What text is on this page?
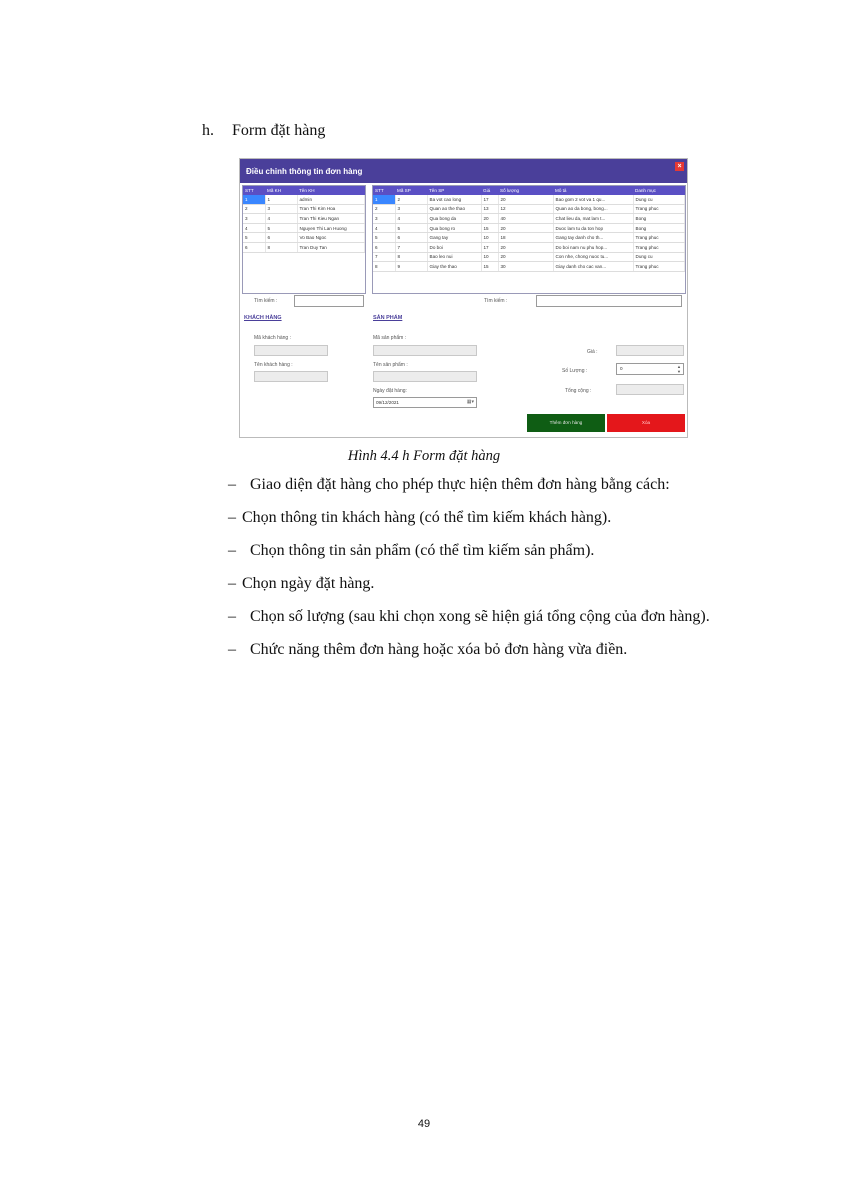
h. Form đặt hàng
Điều chỉnh thông tin đơn hàng	×
STT	Mã KH	Tên KH
1	1	admin
2	3	Tran Thi Kim Hoa
3	4	Tran Thi Kieu Ngan
4	5	Nguyen Thi Lan Huong
5	6	Vo Bao Ngoc
6	8	Tran Duy Tan
STT	Mã SP	Tên SP	Giá	Số lượng	Mô tả	Danh mục
1	2	Ba vot cao long	17	20	Bao gom 2 vot va 1 qu...	Dung cu
2	3	Quan ao the thao	13	12	Quan ao da bong, bong...	Trang phuc
3	4	Qua bong da	20	40	Chat lieu da, mat lam t...	Bong
4	5	Qua bong ro	15	20	Duoc lam tu da ton hop	Bong
5	6	Gang tay	10	18	Gang tay danh cho th...	Trang phuc
6	7	Do boi	17	20	Do boi nam nu phu hop...	Trang phuc
7	8	Bao leo nui	10	20	Con nhe, chong nuoc tu...	Dung cu
8	9	Giay the thao	15	30	Giay danh cho cac van...	Trang phuc
Tìm kiếm :	Tìm kiếm :
KHÁCH HÀNG
Mã khách hàng :
Tên khách hàng :
SẢN PHẨM
Mã sản phẩm :
Tên sản phẩm :
Ngày đặt hàng:
09/12/2021	▦▾
Giá :
Số Lượng :	0	▲
▼
Tổng cộng :
Thêm đơn hàng	Xóa
Hình 4.4 h Form đặt hàng
– Giao diện đặt hàng cho phép thực hiện thêm đơn hàng bằng cách:
– Chọn thông tin khách hàng (có thể tìm kiếm khách hàng).
– Chọn thông tin sản phẩm (có thể tìm kiếm sản phẩm).
– Chọn ngày đặt hàng.
– Chọn số lượng (sau khi chọn xong sẽ hiện giá tổng cộng của đơn hàng).
– Chức năng thêm đơn hàng hoặc xóa bỏ đơn hàng vừa điền.
49
